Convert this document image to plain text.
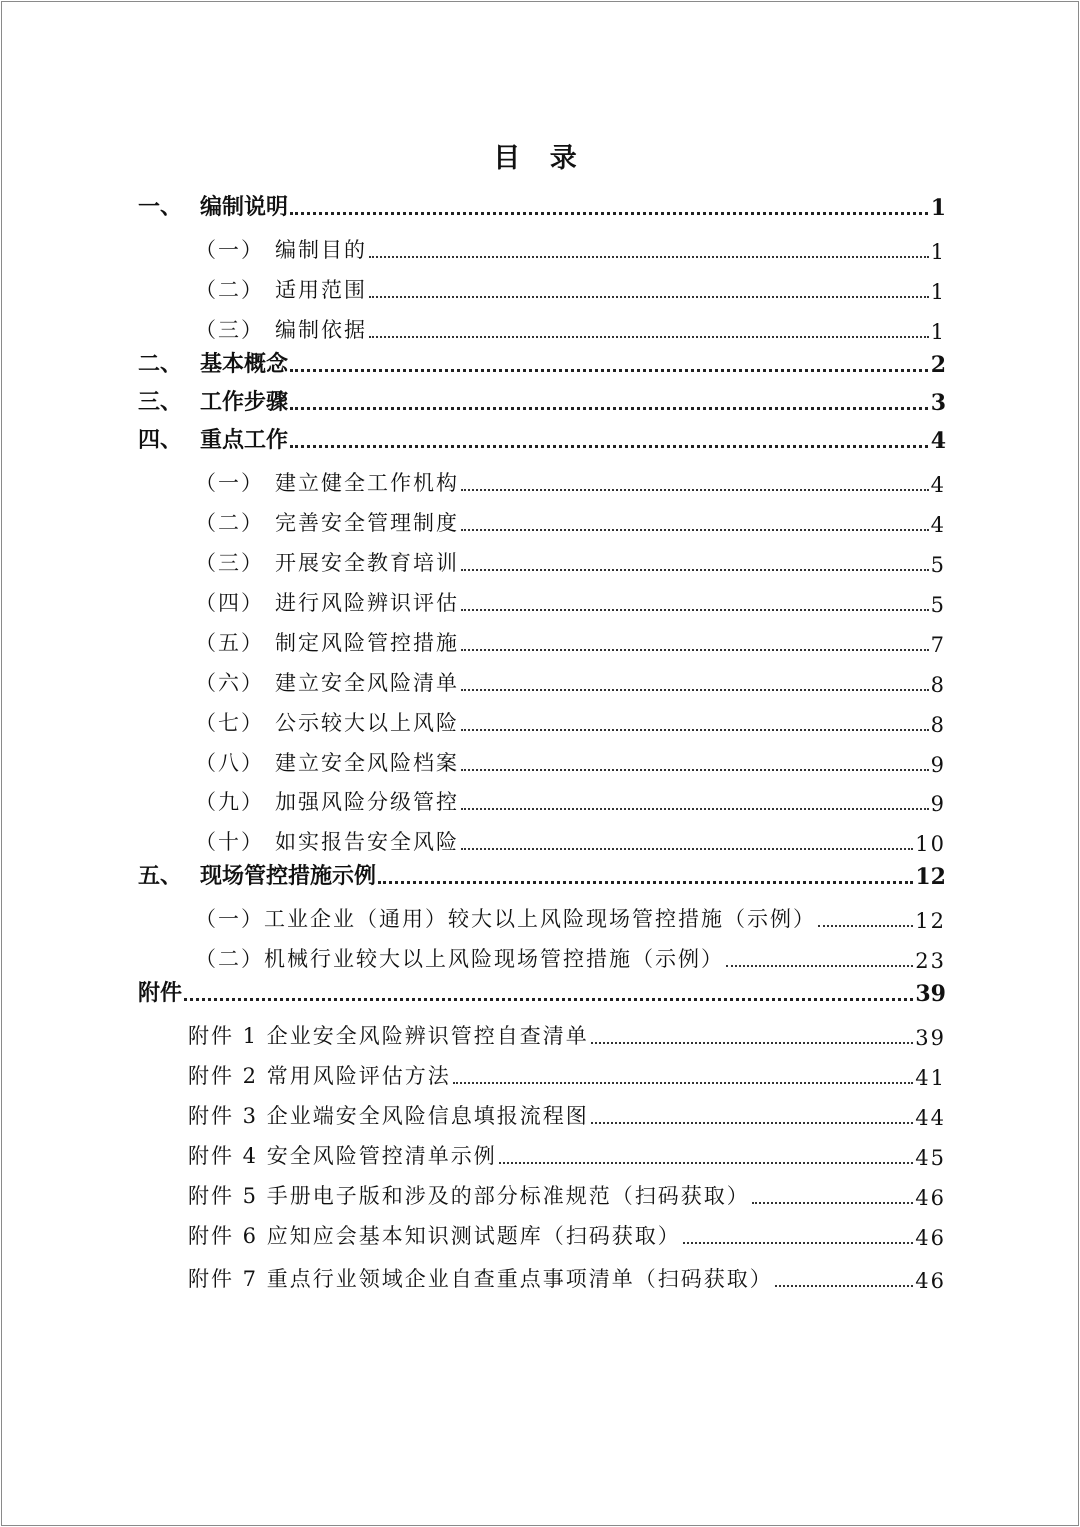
目 录
一、 编制说明	1
（一） 编制目的	1
（二） 适用范围	1
（三） 编制依据	1
二、 基本概念	2
三、 工作步骤	3
四、 重点工作	4
（一） 建立健全工作机构	4
（二） 完善安全管理制度	4
（三） 开展安全教育培训	5
（四） 进行风险辨识评估	5
（五） 制定风险管控措施	7
（六） 建立安全风险清单	8
（七） 公示较大以上风险	8
（八） 建立安全风险档案	9
（九） 加强风险分级管控	9
（十） 如实报告安全风险	10
五、 现场管控措施示例	12
（一）工业企业（通用）较大以上风险现场管控措施（示例）	12
（二）机械行业较大以上风险现场管控措施（示例）	23
附件	39
附件 1 企业安全风险辨识管控自查清单	39
附件 2 常用风险评估方法	41
附件 3 企业端安全风险信息填报流程图	44
附件 4 安全风险管控清单示例	45
附件 5 手册电子版和涉及的部分标准规范（扫码获取）	46
附件 6 应知应会基本知识测试题库（扫码获取）	46
附件 7 重点行业领域企业自查重点事项清单（扫码获取）	46
